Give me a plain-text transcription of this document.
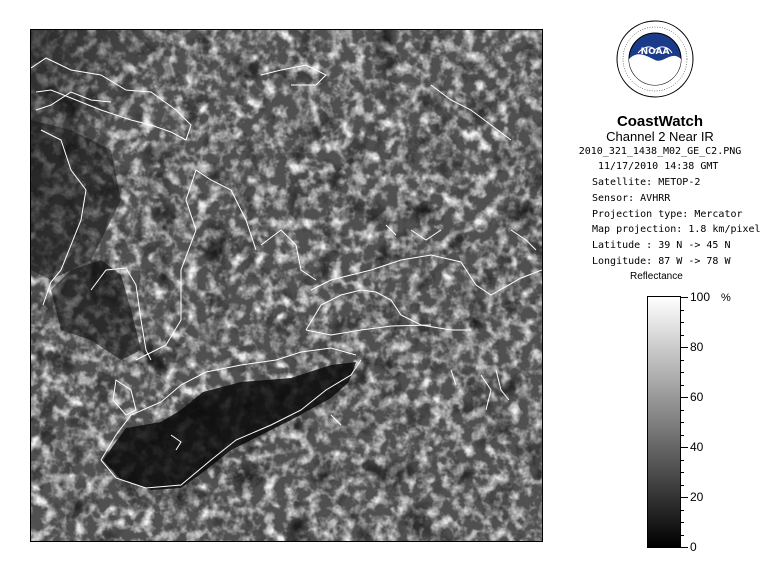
NOAA
CoastWatch
Channel 2 Near IR
2010_321_1438_M02_GE_C2.PNG
11/17/2010 14:38 GMT
Satellite: METOP-2
Sensor: AVHRR
Projection type: Mercator
Map projection: 1.8 km/pixel
Latitude : 39 N -> 45 N
Longitude: 87 W -> 78 W
Reflectance
%
100
80
60
40
20
0
